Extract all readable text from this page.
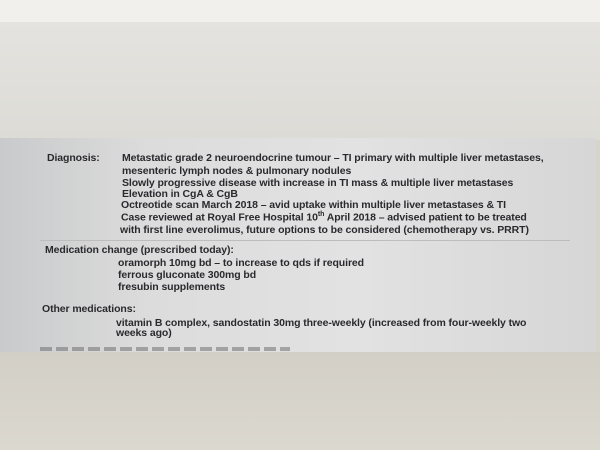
Diagnosis: Metastatic grade 2 neuroendocrine tumour – TI primary with multiple liver metastases,
mesenteric lymph nodes & pulmonary nodules
Slowly progressive disease with increase in TI mass & multiple liver metastases
Elevation in CgA & CgB
Octreotide scan March 2018 – avid uptake within multiple liver metastases & TI
Case reviewed at Royal Free Hospital 10th April 2018 – advised patient to be treated
with first line everolimus, future options to be considered (chemotherapy vs. PRRT)
Medication change (prescribed today):
oramorph 10mg bd – to increase to qds if required
ferrous gluconate 300mg bd
fresubin supplements
Other medications:
vitamin B complex, sandostatin 30mg three-weekly (increased from four-weekly two
weeks ago)
